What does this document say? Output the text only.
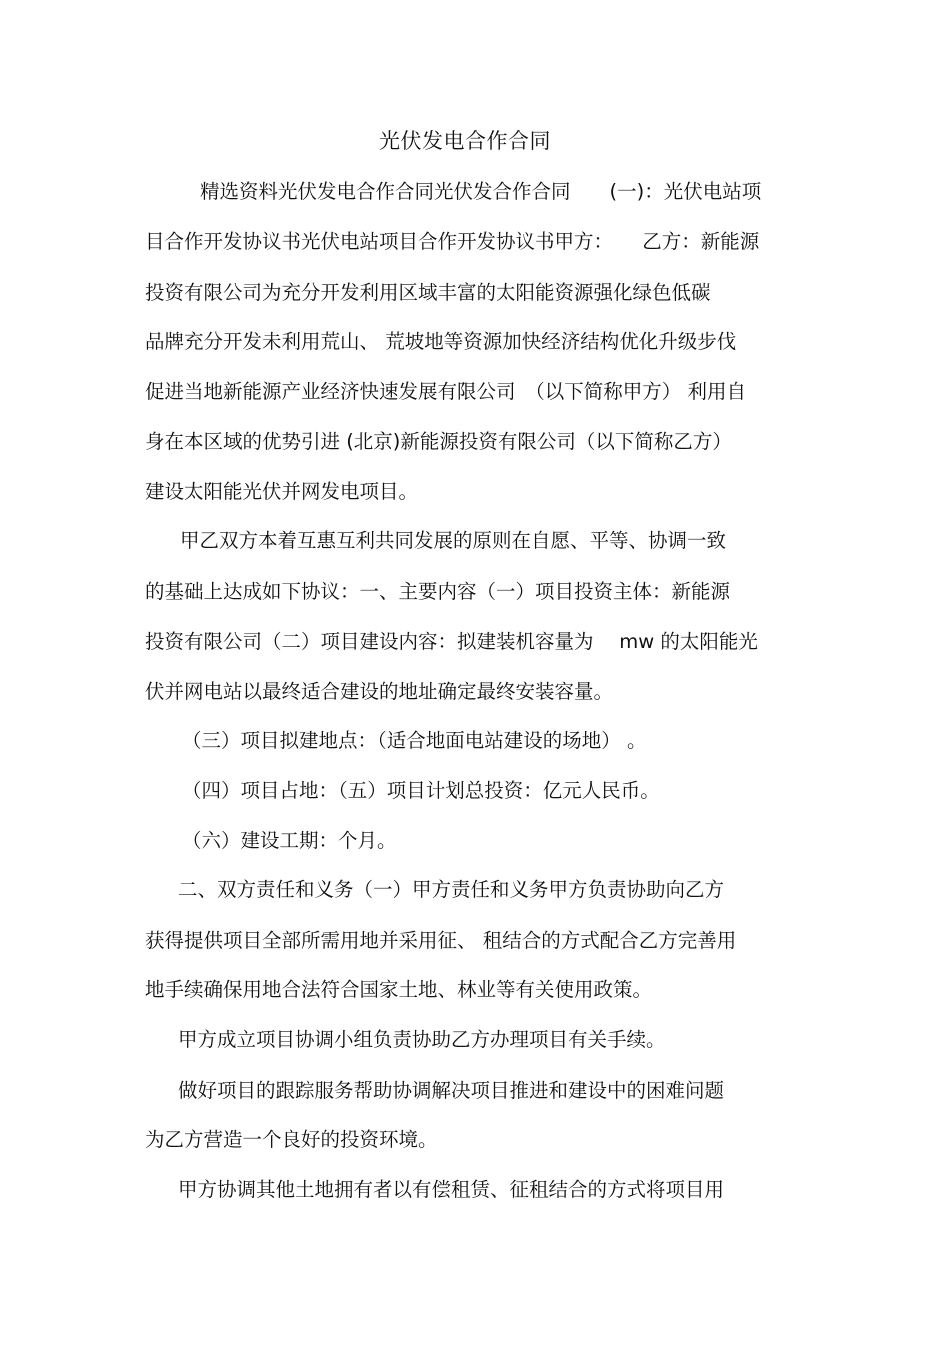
光伏发电合作合同
精选资料光伏发电合作合同光伏发合作合同　　(一)：光伏电站项
目合作开发协议书光伏电站项目合作开发协议书甲方：　　乙方：新能源
投资有限公司为充分开发利用区域丰富的太阳能资源强化绿色低碳
品牌充分开发未利用荒山、 荒坡地等资源加快经济结构优化升级步伐
促进当地新能源产业经济快速发展有限公司　（以下简称甲方） 利用自
身在本区域的优势引进 (北京)新能源投资有限公司（以下简称乙方）
建设太阳能光伏并网发电项目。
甲乙双方本着互惠互利共同发展的原则在自愿、平等、协调一致
的基础上达成如下协议：一、主要内容（一）项目投资主体：新能源
投资有限公司（二）项目建设内容：拟建装机容量为　 mw 的太阳能光
伏并网电站以最终适合建设的地址确定最终安装容量。
（三）项目拟建地点：（适合地面电站建设的场地） 。
（四）项目占地：（五）项目计划总投资：亿元人民币。
（六）建设工期：个月。
二、双方责任和义务（一）甲方责任和义务甲方负责协助向乙方
获得提供项目全部所需用地并采用征、 租结合的方式配合乙方完善用
地手续确保用地合法符合国家土地、林业等有关使用政策。
甲方成立项目协调小组负责协助乙方办理项目有关手续。
做好项目的跟踪服务帮助协调解决项目推进和建设中的困难问题
为乙方营造一个良好的投资环境。
甲方协调其他土地拥有者以有偿租赁、征租结合的方式将项目用
